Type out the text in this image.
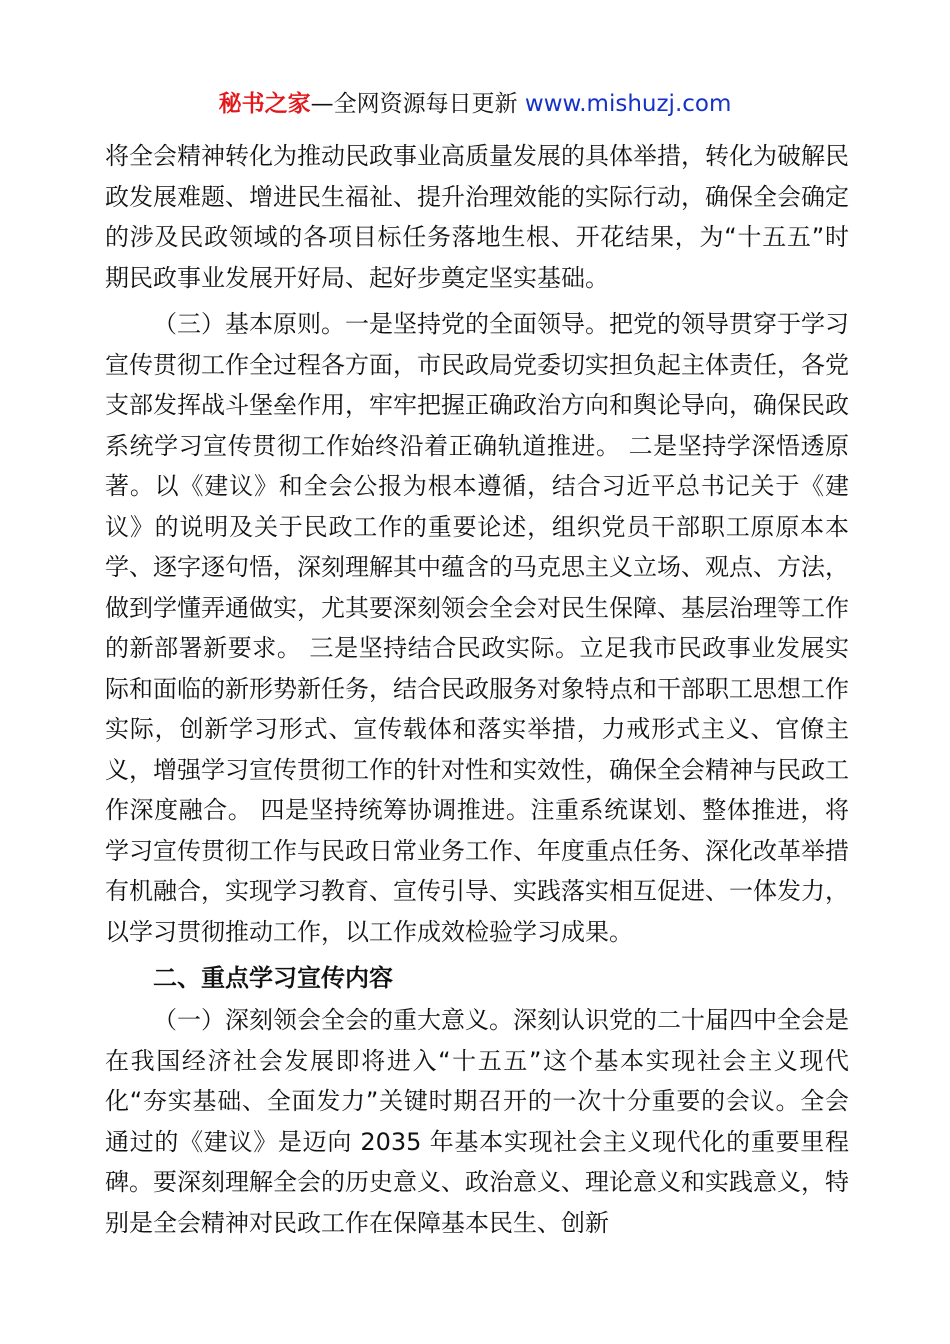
秘书之家—全网资源每日更新 www.mishuzj.com

将全会精神转化为推动民政事业高质量发展的具体举措，转化为破解民政发展难题、增进民生福祉、提升治理效能的实际行动，确保全会确定的涉及民政领域的各项目标任务落地生根、开花结果，为“十五五”时期民政事业发展开好局、起好步奠定坚实基础。

（三）基本原则。一是坚持党的全面领导。把党的领导贯穿于学习宣传贯彻工作全过程各方面，市民政局党委切实担负起主体责任，各党支部发挥战斗堡垒作用，牢牢把握正确政治方向和舆论导向，确保民政系统学习宣传贯彻工作始终沿着正确轨道推进。 二是坚持学深悟透原著。以《建议》和全会公报为根本遵循，结合习近平总书记关于《建议》的说明及关于民政工作的重要论述，组织党员干部职工原原本本学、逐字逐句悟，深刻理解其中蕴含的马克思主义立场、观点、方法，做到学懂弄通做实，尤其要深刻领会全会对民生保障、基层治理等工作的新部署新要求。 三是坚持结合民政实际。立足我市民政事业发展实际和面临的新形势新任务，结合民政服务对象特点和干部职工思想工作实际，创新学习形式、宣传载体和落实举措，力戒形式主义、官僚主义，增强学习宣传贯彻工作的针对性和实效性，确保全会精神与民政工作深度融合。 四是坚持统筹协调推进。注重系统谋划、整体推进，将学习宣传贯彻工作与民政日常业务工作、年度重点任务、深化改革举措有机融合，实现学习教育、宣传引导、实践落实相互促进、一体发力，以学习贯彻推动工作，以工作成效检验学习成果。

二、重点学习宣传内容

（一）深刻领会全会的重大意义。深刻认识党的二十届四中全会是在我国经济社会发展即将进入“十五五”这个基本实现社会主义现代化“夯实基础、全面发力”关键时期召开的一次十分重要的会议。全会通过的《建议》是迈向 2035 年基本实现社会主义现代化的重要里程碑。要深刻理解全会的历史意义、政治意义、理论意义和实践意义，特别是全会精神对民政工作在保障基本民生、创新
